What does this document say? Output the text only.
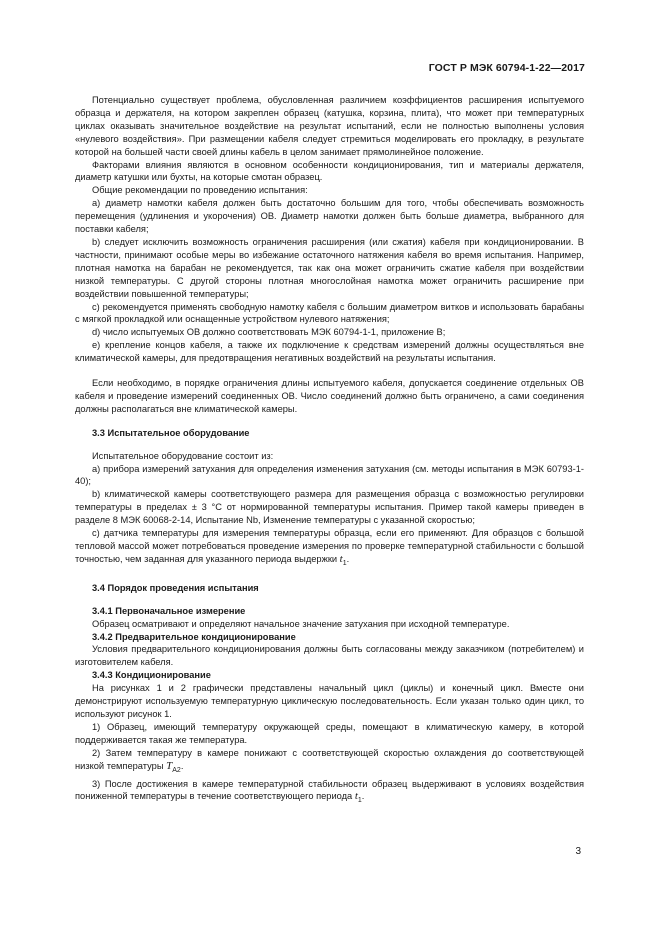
ГОСТ Р МЭК 60794-1-22—2017

Потенциально существует проблема, обусловленная различием коэффициентов расширения испытуемого образца и держателя, на котором закреплен образец (катушка, корзина, плита), что может при температурных циклах оказывать значительное воздействие на результат испытаний, если не полностью выполнены условия «нулевого воздействия». При размещении кабеля следует стремиться моделировать его прокладку, в результате которой на большей части своей длины кабель в целом занимает прямолинейное положение.

Факторами влияния являются в основном особенности кондиционирования, тип и материалы держателя, диаметр катушки или бухты, на которые смотан образец.

Общие рекомендации по проведению испытания:

а) диаметр намотки кабеля должен быть достаточно большим для того, чтобы обеспечивать возможность перемещения (удлинения и укорочения) ОВ. Диаметр намотки должен быть больше диаметра, выбранного для поставки кабеля;

b) следует исключить возможность ограничения расширения (или сжатия) кабеля при кондиционировании. В частности, принимают особые меры во избежание остаточного натяжения кабеля во время испытания. Например, плотная намотка на барабан не рекомендуется, так как она может ограничить сжатие кабеля при воздействии низкой температуры. С другой стороны плотная многослойная намотка может ограничить расширение при воздействии повышенной температуры;

с) рекомендуется применять свободную намотку кабеля с большим диаметром витков и использовать барабаны с мягкой прокладкой или оснащенные устройством нулевого натяжения;

d) число испытуемых ОВ должно соответствовать МЭК 60794-1-1, приложение В;

е) крепление концов кабеля, а также их подключение к средствам измерений должны осуществляться вне климатической камеры, для предотвращения негативных воздействий на результаты испытания.

Если необходимо, в порядке ограничения длины испытуемого кабеля, допускается соединение отдельных ОВ кабеля и проведение измерений соединенных ОВ. Число соединений должно быть ограничено, а сами соединения должны располагаться вне климатической камеры.

3.3 Испытательное оборудование

Испытательное оборудование состоит из:

а) прибора измерений затухания для определения изменения затухания (см. методы испытания в МЭК 60793-1-40);

b) климатической камеры соответствующего размера для размещения образца с возможностью регулировки температуры в пределах ± 3 °С от нормированной температуры испытания. Пример такой камеры приведен в разделе 8 МЭК 60068-2-14, Испытание Nb, Изменение температуры с указанной скоростью;

с) датчика температуры для измерения температуры образца, если его применяют. Для образцов с большой тепловой массой может потребоваться проведение измерения по проверке температурной стабильности с большой точностью, чем заданная для указанного периода выдержки $t_1$.

3.4 Порядок проведения испытания
3.4.1 Первоначальное измерение

Образец осматривают и определяют начальное значение затухания при исходной температуре.

3.4.2 Предварительное кондиционирование

Условия предварительного кондиционирования должны быть согласованы между заказчиком (потребителем) и изготовителем кабеля.

3.4.3 Кондиционирование

На рисунках 1 и 2 графически представлены начальный цикл (циклы) и конечный цикл. Вместе они демонстрируют используемую температурную циклическую последовательность. Если указан только один цикл, то используют рисунок 1.

1) Образец, имеющий температуру окружающей среды, помещают в климатическую камеру, в которой поддерживается такая же температура.

2) Затем температуру в камере понижают с соответствующей скоростью охлаждения до соответствующей низкой температуры $T_{A2}$.

3) После достижения в камере температурной стабильности образец выдерживают в условиях воздействия пониженной температуры в течение соответствующего периода $t_1$.

3
